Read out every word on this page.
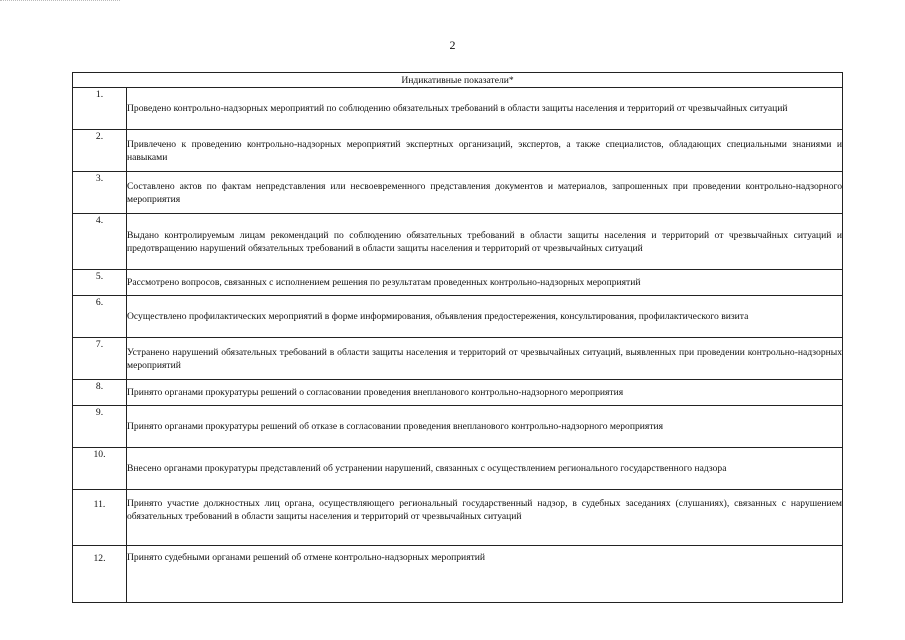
2
Индикативные показатели*	
1.	Проведено контрольно-надзорных мероприятий по соблюдению обязательных требований в области защиты населения и территорий от чрезвычайных ситуаций
2.	Привлечено к проведению контрольно-надзорных мероприятий экспертных организаций, экспертов, а также специалистов, обладающих специальными знаниями и навыками
3.	Составлено актов по фактам непредставления или несвоевременного представления документов и материалов, запрошенных при проведении контрольно-надзорного мероприятия
4.	Выдано контролируемым лицам рекомендаций по соблюдению обязательных требований в области защиты населения и территорий от чрезвычайных ситуаций и предотвращению нарушений обязательных требований в области защиты населения и территорий от чрезвычайных ситуаций
5.	Рассмотрено вопросов, связанных с исполнением решения по результатам проведенных контрольно-надзорных мероприятий
6.	Осуществлено профилактических мероприятий в форме информирования, объявления предостережения, консультирования, профилактического визита
7.	Устранено нарушений обязательных требований в области защиты населения и территорий от чрезвычайных ситуаций, выявленных при проведении контрольно-надзорных мероприятий
8.	Принято органами прокуратуры решений о согласовании проведения внепланового контрольно-надзорного мероприятия
9.	Принято органами прокуратуры решений об отказе в согласовании проведения внепланового контрольно-надзорного мероприятия
10.	Внесено органами прокуратуры представлений об устранении нарушений, связанных с осуществлением регионального государственного надзора
11.	Принято участие должностных лиц органа, осуществляющего региональный государственный надзор, в судебных заседаниях (слушаниях), связанных с нарушением обязательных требований в области защиты населения и территорий от чрезвычайных ситуаций
12.	Принято судебными органами решений об отмене контрольно-надзорных мероприятий
